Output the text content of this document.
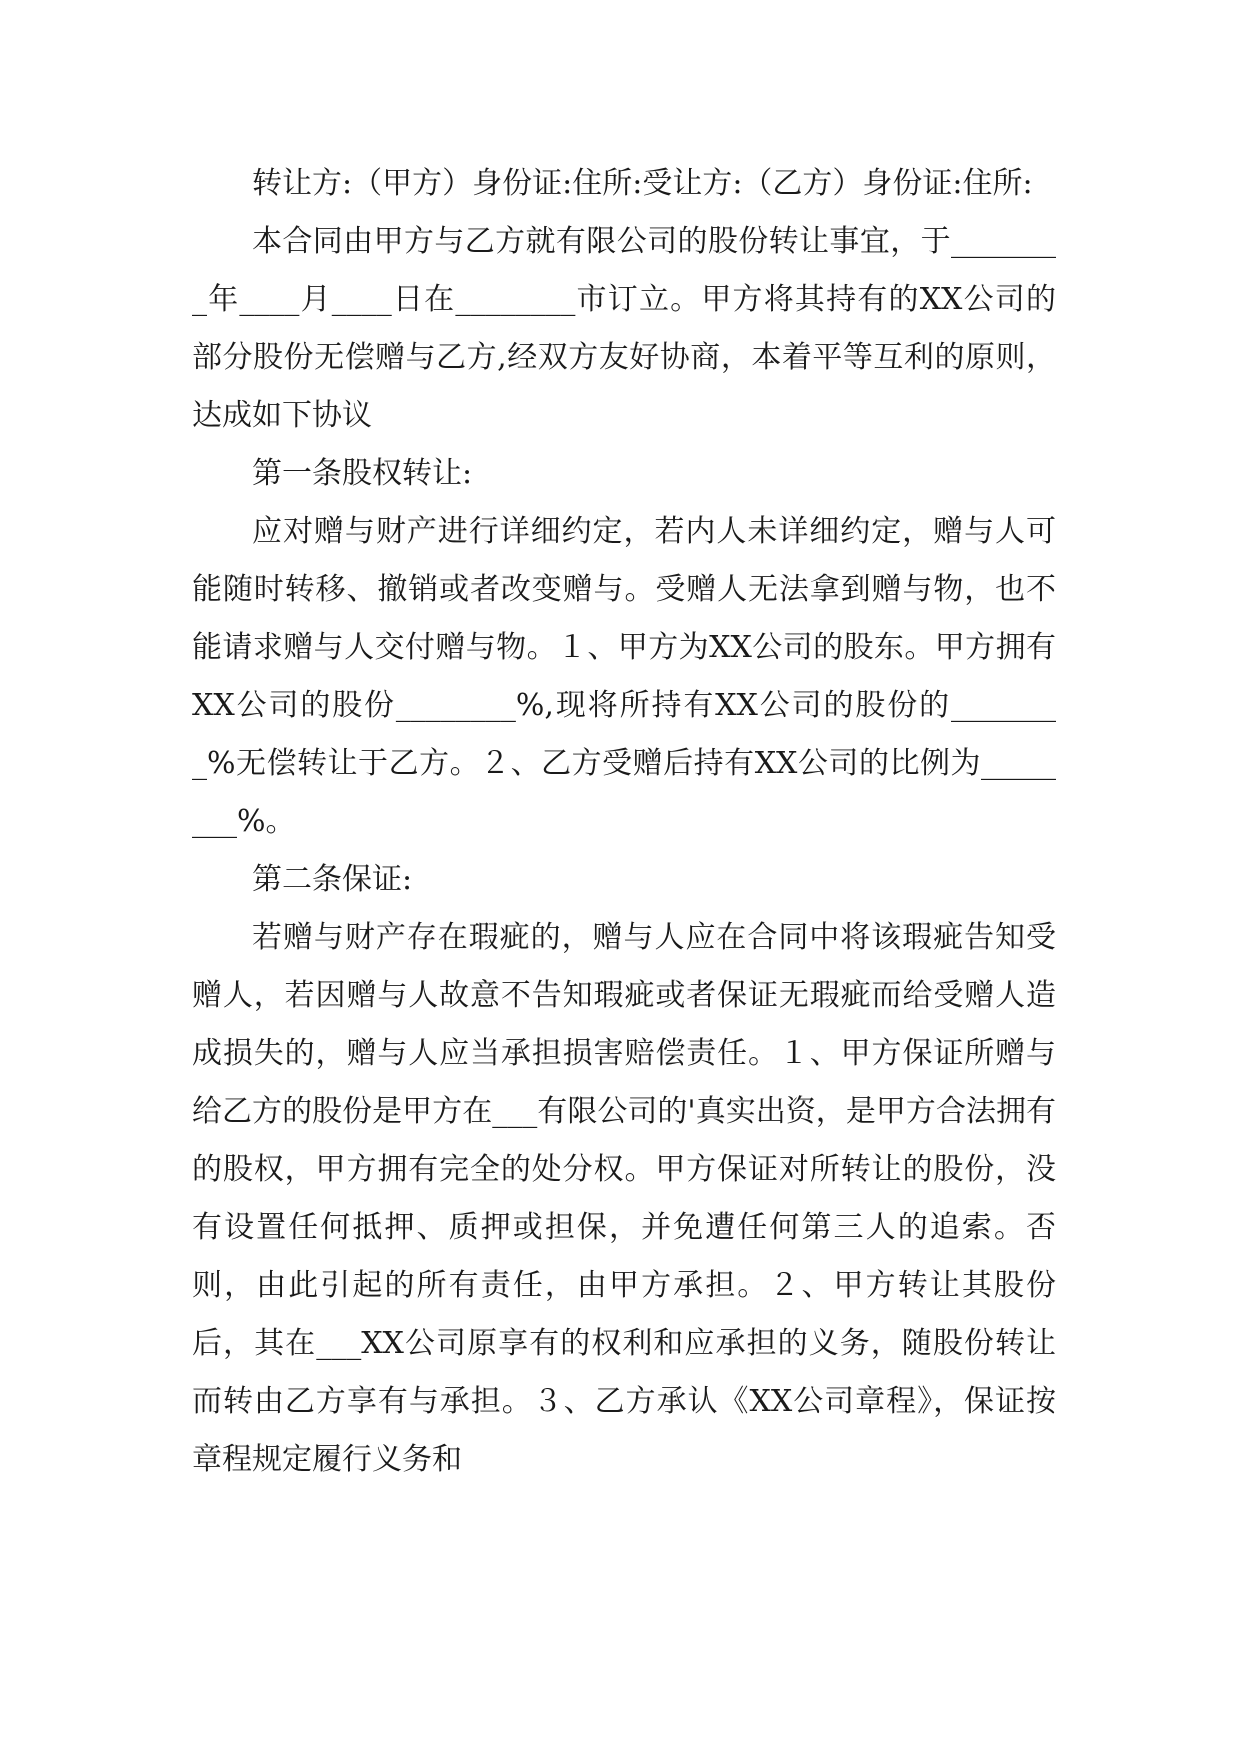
转让方:（甲方）身份证:住所:受让方:（乙方）身份证:住所:

本合同由甲方与乙方就有限公司的股份转让事宜，于________年____月____日在________市订立。甲方将其持有的XX公司的部分股份无偿赠与乙方,经双方友好协商，本着平等互利的原则，达成如下协议

第一条股权转让:

应对赠与财产进行详细约定，若内人未详细约定，赠与人可能随时转移、撤销或者改变赠与。受赠人无法拿到赠与物，也不能请求赠与人交付赠与物。１、甲方为XX公司的股东。甲方拥有XX公司的股份________%,现将所持有XX公司的股份的________%无偿转让于乙方。２、乙方受赠后持有XX公司的比例为________%。

第二条保证:

若赠与财产存在瑕疵的，赠与人应在合同中将该瑕疵告知受赠人，若因赠与人故意不告知瑕疵或者保证无瑕疵而给受赠人造成损失的，赠与人应当承担损害赔偿责任。１、甲方保证所赠与给乙方的股份是甲方在___有限公司的'真实出资，是甲方合法拥有的股权，甲方拥有完全的处分权。甲方保证对所转让的股份，没有设置任何抵押、质押或担保，并免遭任何第三人的追索。否则，由此引起的所有责任，由甲方承担。２、甲方转让其股份后，其在___XX公司原享有的权利和应承担的义务，随股份转让而转由乙方享有与承担。３、乙方承认《XX公司章程》，保证按章程规定履行义务和
